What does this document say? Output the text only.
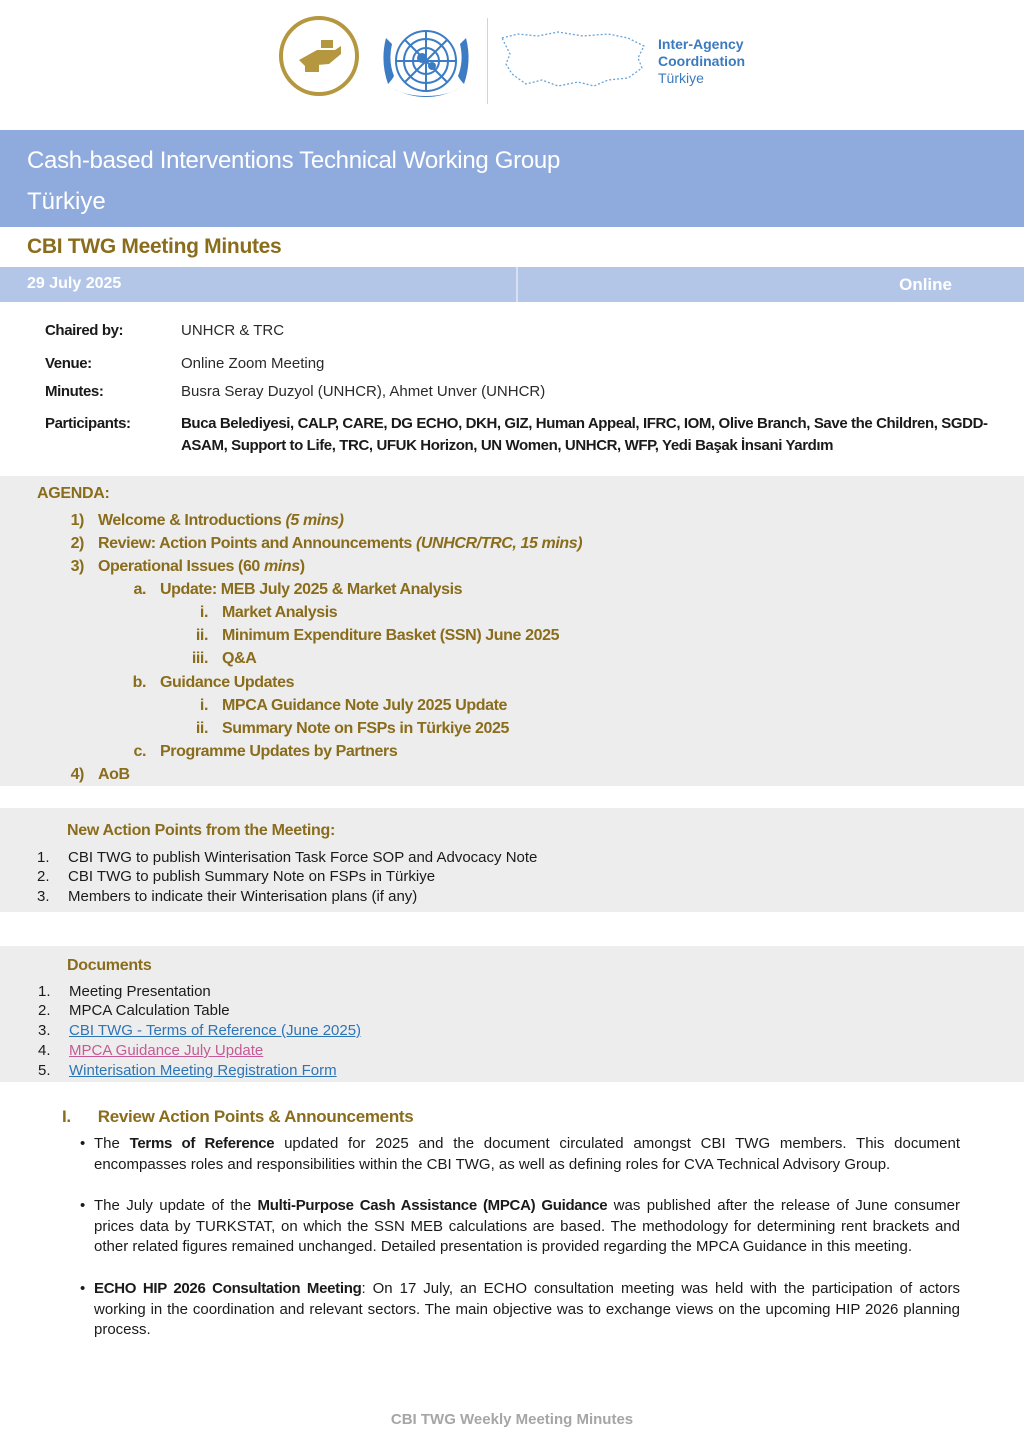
Inter-Agency
Coordination
Türkiye
Cash-based Interventions Technical Working Group
Türkiye
CBI TWG Meeting Minutes
29 July 2025	Online
Chaired by:	UNHCR & TRC
Venue:	Online Zoom Meeting
Minutes:	Busra Seray Duzyol (UNHCR), Ahmet Unver (UNHCR)
Participants:	Buca Belediyesi, CALP, CARE, DG ECHO, DKH, GIZ, Human Appeal, IFRC, IOM, Olive Branch, Save the Children, SGDD-ASAM, Support to Life, TRC, UFUK Horizon, UN Women, UNHCR, WFP, Yedi Başak İnsani Yardım
AGENDA:
1) Welcome & Introductions (5 mins)
2) Review: Action Points and Announcements (UNHCR/TRC, 15 mins)
3) Operational Issues (60 mins)
a. Update: MEB July 2025 & Market Analysis
i. Market Analysis
ii. Minimum Expenditure Basket (SSN) June 2025
iii. Q&A
b. Guidance Updates
i. MPCA Guidance Note July 2025 Update
ii. Summary Note on FSPs in Türkiye 2025
c. Programme Updates by Partners
4) AoB
New Action Points from the Meeting:
1. CBI TWG to publish Winterisation Task Force SOP and Advocacy Note
2. CBI TWG to publish Summary Note on FSPs in Türkiye
3. Members to indicate their Winterisation plans (if any)
Documents
1. Meeting Presentation
2. MPCA Calculation Table
3. CBI TWG - Terms of Reference (June 2025)
4. MPCA Guidance July Update
5. Winterisation Meeting Registration Form
I. Review Action Points & Announcements
• The Terms of Reference updated for 2025 and the document circulated amongst CBI TWG members. This document encompasses roles and responsibilities within the CBI TWG, as well as defining roles for CVA Technical Advisory Group.
• The July update of the Multi-Purpose Cash Assistance (MPCA) Guidance was published after the release of June consumer prices data by TURKSTAT, on which the SSN MEB calculations are based. The methodology for determining rent brackets and other related figures remained unchanged. Detailed presentation is provided regarding the MPCA Guidance in this meeting.
• ECHO HIP 2026 Consultation Meeting: On 17 July, an ECHO consultation meeting was held with the participation of actors working in the coordination and relevant sectors. The main objective was to exchange views on the upcoming HIP 2026 planning process.
CBI TWG Weekly Meeting Minutes
